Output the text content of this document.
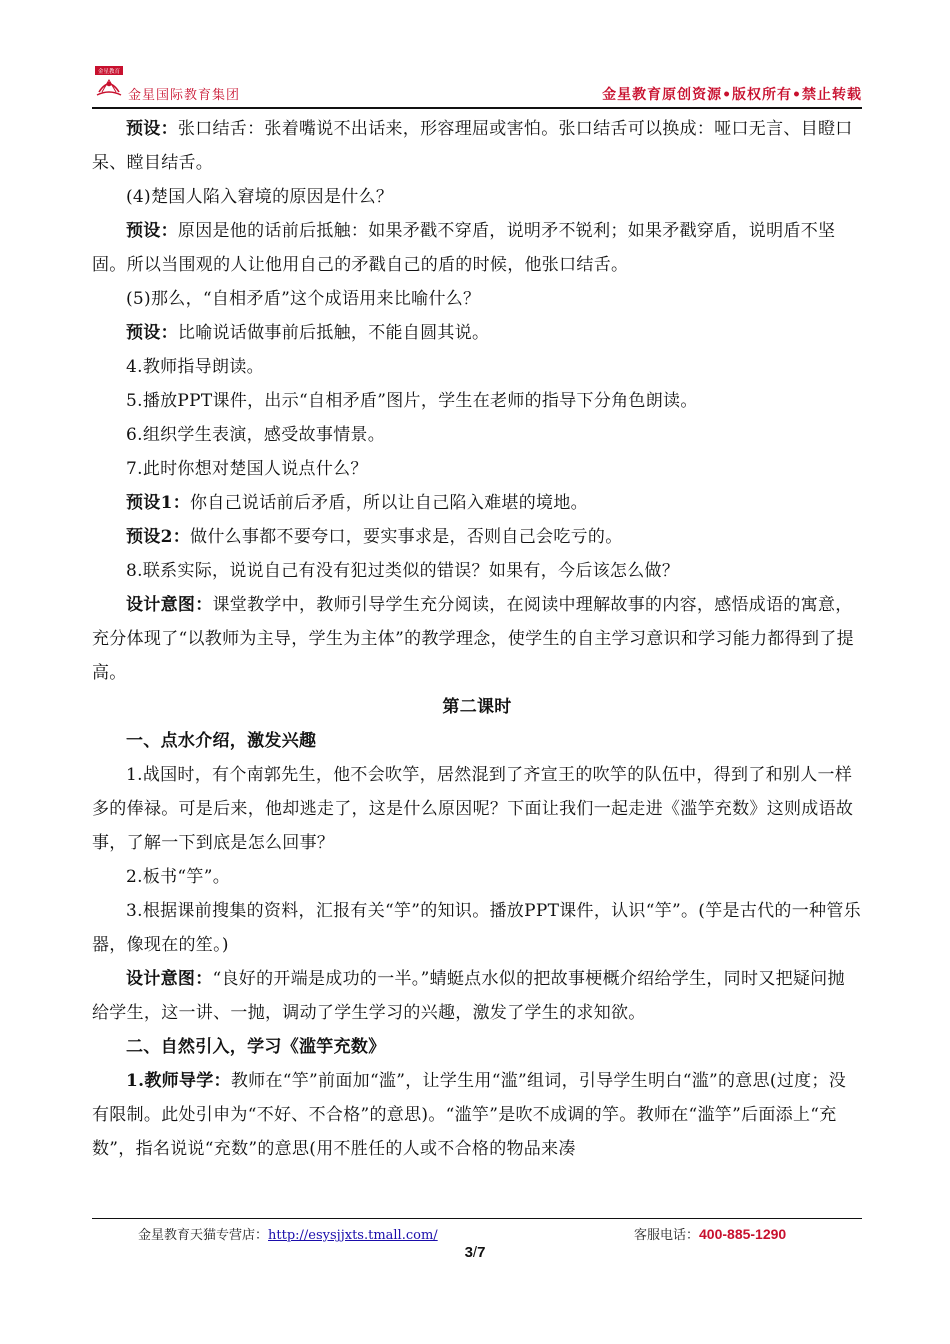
金星教育
金星国际教育集团	金星教育原创资源•版权所有•禁止转载

预设：张口结舌：张着嘴说不出话来，形容理屈或害怕。张口结舌可以换成：哑口无言、目瞪口呆、瞠目结舌。

(4)楚国人陷入窘境的原因是什么？

预设：原因是他的话前后抵触：如果矛戳不穿盾，说明矛不锐利；如果矛戳穿盾，说明盾不坚固。所以当围观的人让他用自己的矛戳自己的盾的时候，他张口结舌。

(5)那么，“自相矛盾”这个成语用来比喻什么？

预设：比喻说话做事前后抵触，不能自圆其说。

4.教师指导朗读。

5.播放PPT课件，出示“自相矛盾”图片，学生在老师的指导下分角色朗读。

6.组织学生表演，感受故事情景。

7.此时你想对楚国人说点什么？

预设1：你自己说话前后矛盾，所以让自己陷入难堪的境地。

预设2：做什么事都不要夸口，要实事求是，否则自己会吃亏的。

8.联系实际，说说自己有没有犯过类似的错误？如果有，今后该怎么做？

设计意图：课堂教学中，教师引导学生充分阅读，在阅读中理解故事的内容，感悟成语的寓意，充分体现了“以教师为主导，学生为主体”的教学理念，使学生的自主学习意识和学习能力都得到了提高。

第二课时

一、点水介绍，激发兴趣

1.战国时，有个南郭先生，他不会吹竽，居然混到了齐宣王的吹竽的队伍中，得到了和别人一样多的俸禄。可是后来，他却逃走了，这是什么原因呢？下面让我们一起走进《滥竽充数》这则成语故事，了解一下到底是怎么回事？

2.板书“竽”。

3.根据课前搜集的资料，汇报有关“竽”的知识。播放PPT课件，认识“竽”。(竽是古代的一种管乐器，像现在的笙。)

设计意图：“良好的开端是成功的一半。”蜻蜓点水似的把故事梗概介绍给学生，同时又把疑问抛给学生，这一讲、一抛，调动了学生学习的兴趣，激发了学生的求知欲。

二、自然引入，学习《滥竽充数》

1.教师导学：教师在“竽”前面加“滥”，让学生用“滥”组词，引导学生明白“滥”的意思(过度；没有限制。此处引申为“不好、不合格”的意思)。“滥竽”是吹不成调的竽。教师在“滥竽”后面添上“充数”，指名说说“充数”的意思(用不胜任的人或不合格的物品来凑

金星教育天猫专营店：http://esysjjxts.tmall.com/	客服电话：400-885-1290
3/7
